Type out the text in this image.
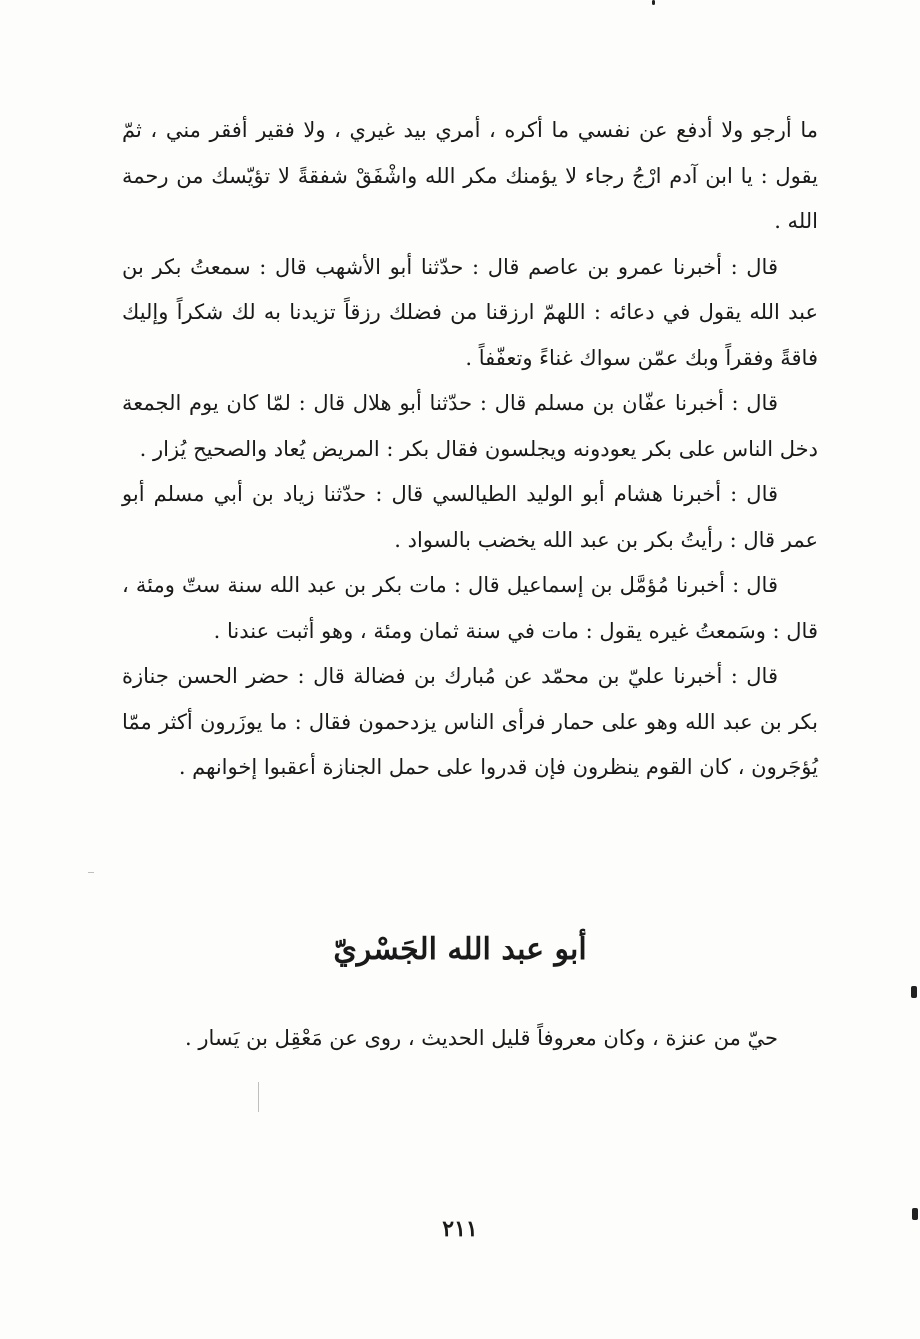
ما أرجو ولا أدفع عن نفسي ما أكره ، أمري بيد غيري ، ولا فقير أفقر مني ، ثمّ يقول : يا ابن آدم ارْجُ رجاء لا يؤمنك مكر الله واشْفَقْ شفقةً لا تؤيّسك من رحمة الله .

قال : أخبرنا عمرو بن عاصم قال : حدّثنا أبو الأشهب قال : سمعتُ بكر بن عبد الله يقول في دعائه : اللهمّ ارزقنا من فضلك رزقاً تزيدنا به لك شكراً وإليك فاقةً وفقراً وبك عمّن سواك غناءً وتعفّفاً .

قال : أخبرنا عفّان بن مسلم قال : حدّثنا أبو هلال قال : لمّا كان يوم الجمعة دخل الناس على بكر يعودونه ويجلسون فقال بكر : المريض يُعاد والصحيح يُزار .

قال : أخبرنا هشام أبو الوليد الطيالسي قال : حدّثنا زياد بن أبي مسلم أبو عمر قال : رأيتُ بكر بن عبد الله يخضب بالسواد .

قال : أخبرنا مُؤمَّل بن إسماعيل قال : مات بكر بن عبد الله سنة ستّ ومئة ، قال : وسَمعتُ غيره يقول : مات في سنة ثمان ومئة ، وهو أثبت عندنا .

قال : أخبرنا عليّ بن محمّد عن مُبارك بن فضالة قال : حضر الحسن جنازة بكر بن عبد الله وهو على حمار فرأى الناس يزدحمون فقال : ما يوزَرون أكثر ممّا يُؤجَرون ، كان القوم ينظرون فإن قدروا على حمل الجنازة أعقبوا إخوانهم .

أبو عبد الله الجَسْريّ

حيّ من عنزة ، وكان معروفاً قليل الحديث ، روى عن مَعْقِل بن يَسار .

٢١١
